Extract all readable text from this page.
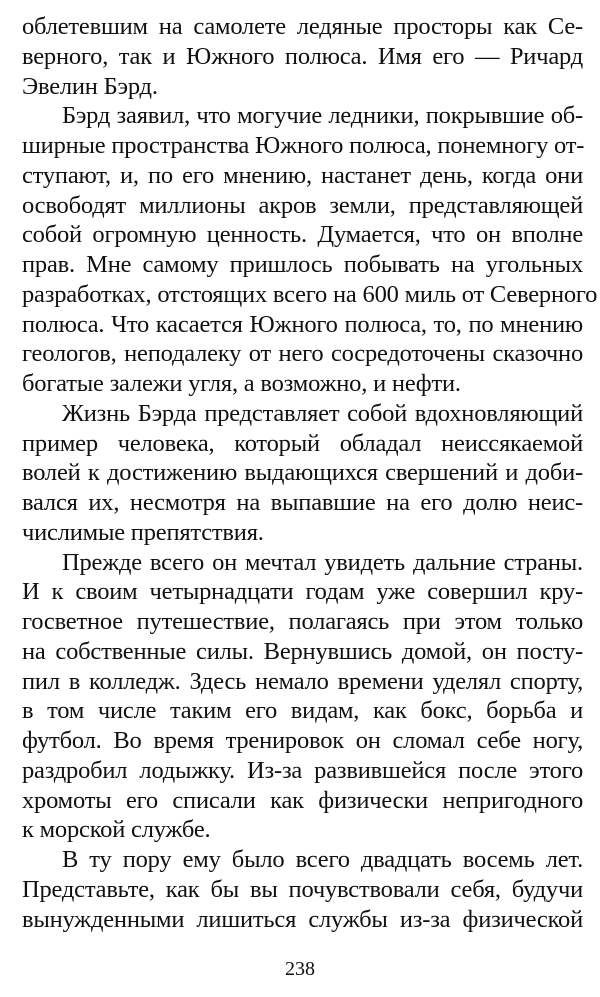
облетевшим на самолете ледяные просторы как Се-
верного, так и Южного полюса. Имя его — Ричард
Эвелин Бэрд.
Бэрд заявил, что могучие ледники, покрывшие об-
ширные пространства Южного полюса, понемногу от-
ступают, и, по его мнению, настанет день, когда они
освободят миллионы акров земли, представляющей
собой огромную ценность. Думается, что он вполне
прав. Мне самому пришлось побывать на угольных
разработках, отстоящих всего на 600 миль от Северного
полюса. Что касается Южного полюса, то, по мнению
геологов, неподалеку от него сосредоточены сказочно
богатые залежи угля, а возможно, и нефти.
Жизнь Бэрда представляет собой вдохновляющий
пример человека, который обладал неиссякаемой
волей к достижению выдающихся свершений и доби-
вался их, несмотря на выпавшие на его долю неис-
числимые препятствия.
Прежде всего он мечтал увидеть дальние страны.
И к своим четырнадцати годам уже совершил кру-
госветное путешествие, полагаясь при этом только
на собственные силы. Вернувшись домой, он посту-
пил в колледж. Здесь немало времени уделял спорту,
в том числе таким его видам, как бокс, борьба и
футбол. Во время тренировок он сломал себе ногу,
раздробил лодыжку. Из-за развившейся после этого
хромоты его списали как физически непригодного
к морской службе.
В ту пору ему было всего двадцать восемь лет.
Представьте, как бы вы почувствовали себя, будучи
вынужденными лишиться службы из-за физической
238
